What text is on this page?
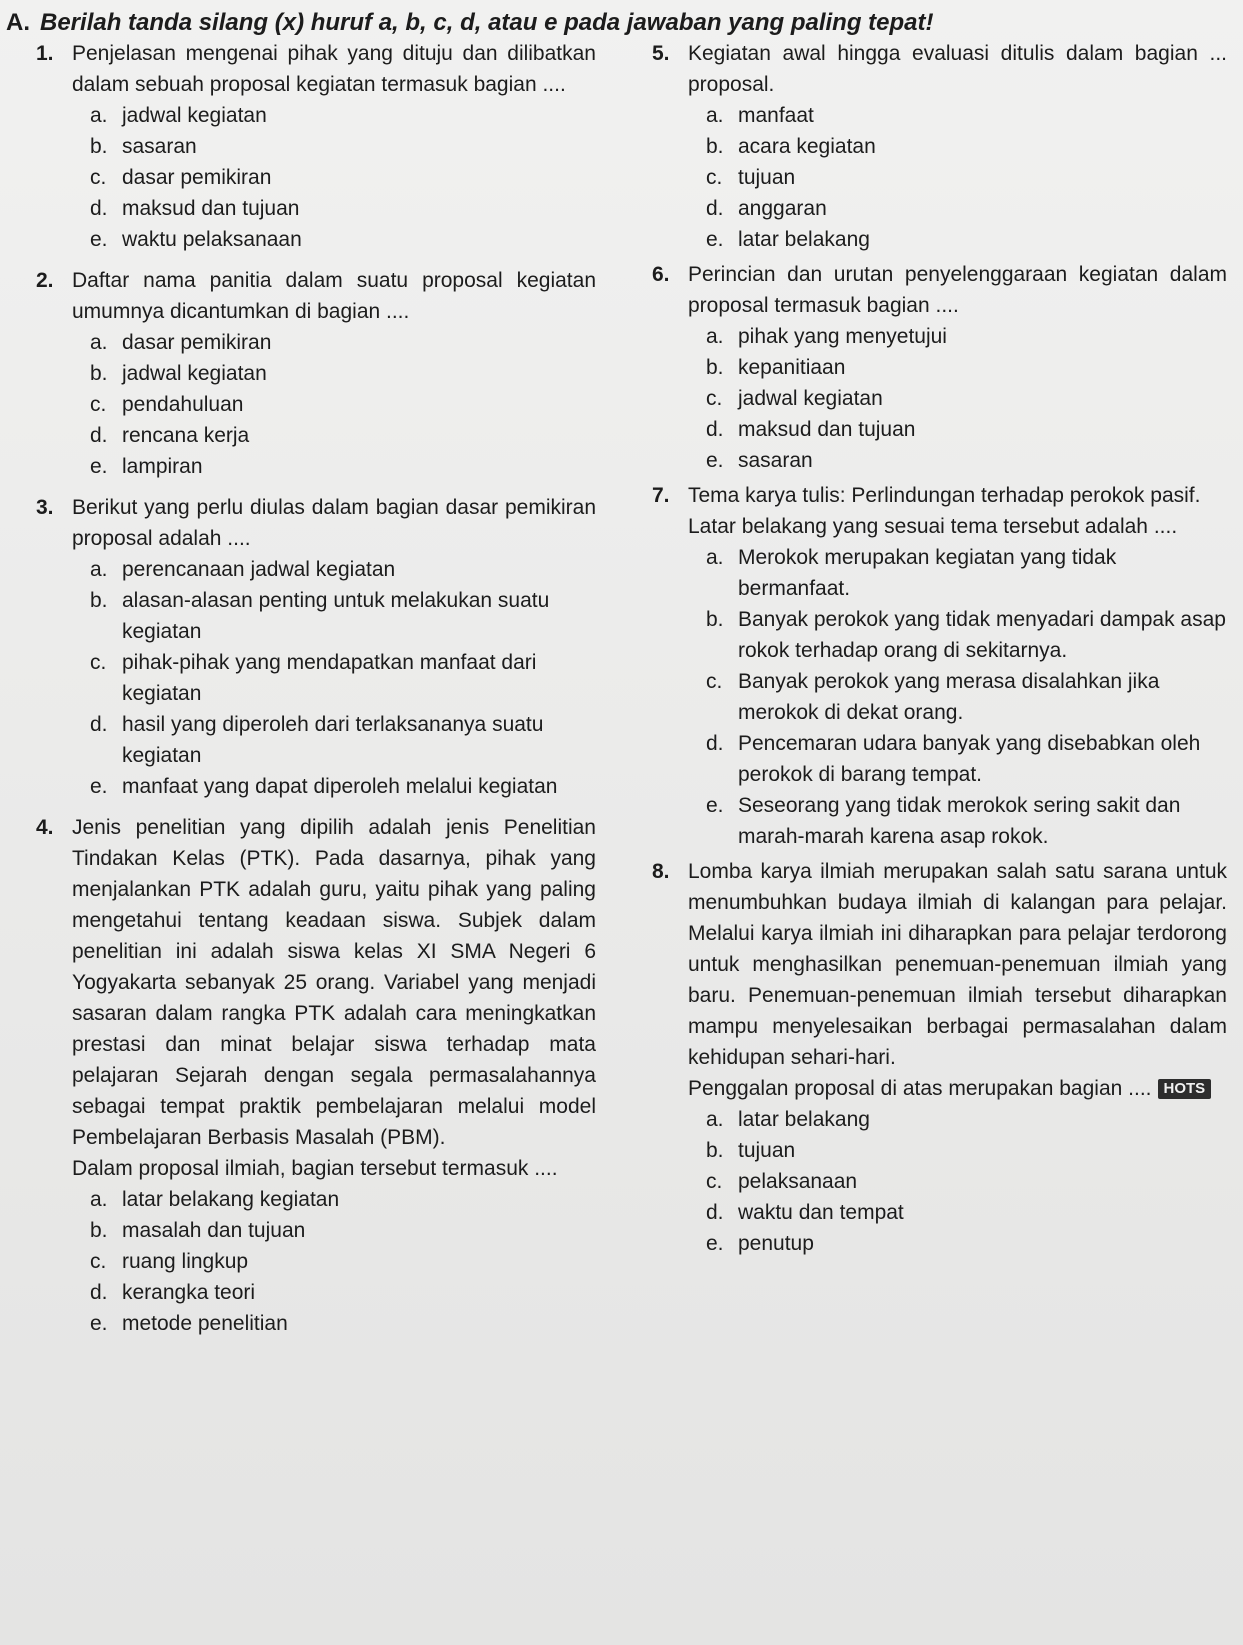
A. Berilah tanda silang (x) huruf a, b, c, d, atau e pada jawaban yang paling tepat!
1. Penjelasan mengenai pihak yang dituju dan dilibatkan dalam sebuah proposal kegiatan termasuk bagian ....
a. jadwal kegiatan
b. sasaran
c. dasar pemikiran
d. maksud dan tujuan
e. waktu pelaksanaan
2. Daftar nama panitia dalam suatu proposal kegiatan umumnya dicantumkan di bagian ....
a. dasar pemikiran
b. jadwal kegiatan
c. pendahuluan
d. rencana kerja
e. lampiran
3. Berikut yang perlu diulas dalam bagian dasar pemikiran proposal adalah ....
a. perencanaan jadwal kegiatan
b. alasan-alasan penting untuk melakukan suatu kegiatan
c. pihak-pihak yang mendapatkan manfaat dari kegiatan
d. hasil yang diperoleh dari terlaksananya suatu kegiatan
e. manfaat yang dapat diperoleh melalui kegiatan
4. Jenis penelitian yang dipilih adalah jenis Penelitian Tindakan Kelas (PTK). Pada dasarnya, pihak yang menjalankan PTK adalah guru, yaitu pihak yang paling mengetahui tentang keadaan siswa. Subjek dalam penelitian ini adalah siswa kelas XI SMA Negeri 6 Yogyakarta sebanyak 25 orang. Variabel yang menjadi sasaran dalam rangka PTK adalah cara meningkatkan prestasi dan minat belajar siswa terhadap mata pelajaran Sejarah dengan segala permasalahannya sebagai tempat praktik pembelajaran melalui model Pembelajaran Berbasis Masalah (PBM).
Dalam proposal ilmiah, bagian tersebut termasuk ....
a. latar belakang kegiatan
b. masalah dan tujuan
c. ruang lingkup
d. kerangka teori
e. metode penelitian
5. Kegiatan awal hingga evaluasi ditulis dalam bagian ... proposal.
a. manfaat
b. acara kegiatan
c. tujuan
d. anggaran
e. latar belakang
6. Perincian dan urutan penyelenggaraan kegiatan dalam proposal termasuk bagian ....
a. pihak yang menyetujui
b. kepanitiaan
c. jadwal kegiatan
d. maksud dan tujuan
e. sasaran
7. Tema karya tulis: Perlindungan terhadap perokok pasif.
Latar belakang yang sesuai tema tersebut adalah ....
a. Merokok merupakan kegiatan yang tidak bermanfaat.
b. Banyak perokok yang tidak menyadari dampak asap rokok terhadap orang di sekitarnya.
c. Banyak perokok yang merasa disalahkan jika merokok di dekat orang.
d. Pencemaran udara banyak yang disebabkan oleh perokok di barang tempat.
e. Seseorang yang tidak merokok sering sakit dan marah-marah karena asap rokok.
8. Lomba karya ilmiah merupakan salah satu sarana untuk menumbuhkan budaya ilmiah di kalangan para pelajar. Melalui karya ilmiah ini diharapkan para pelajar terdorong untuk menghasilkan penemuan-penemuan ilmiah yang baru. Penemuan-penemuan ilmiah tersebut diharapkan mampu menyelesaikan berbagai permasalahan dalam kehidupan sehari-hari.
Penggalan proposal di atas merupakan bagian .... HOTS
a. latar belakang
b. tujuan
c. pelaksanaan
d. waktu dan tempat
e. penutup
